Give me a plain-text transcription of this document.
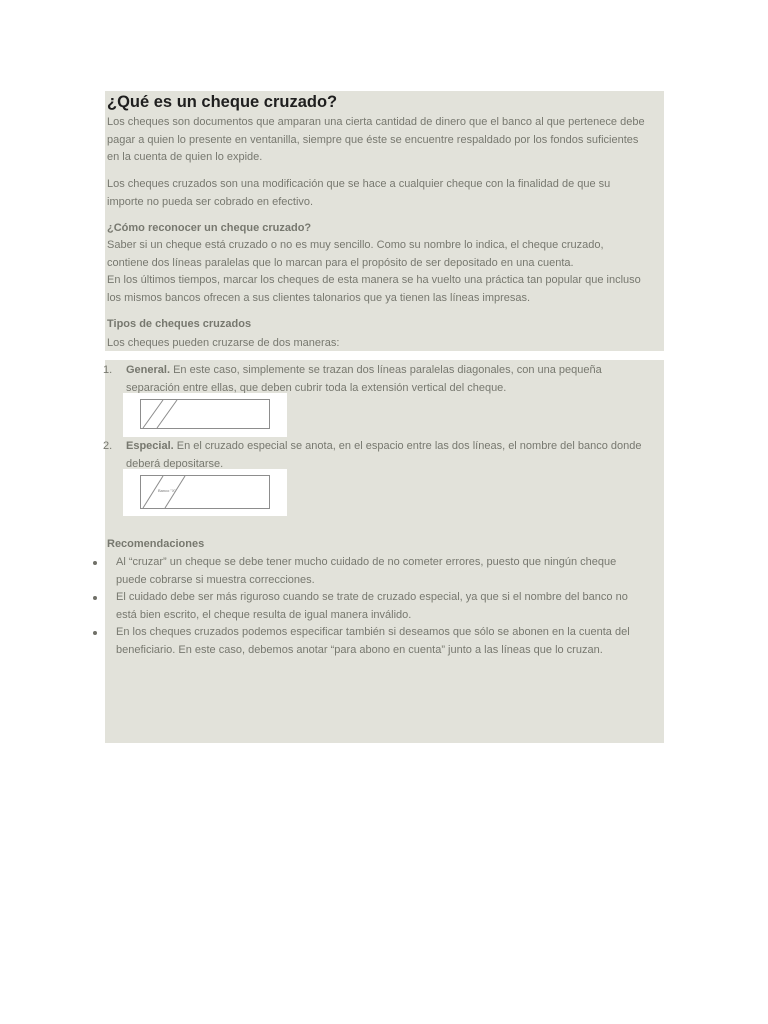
¿Qué es un cheque cruzado?
Los cheques son documentos que amparan una cierta cantidad de dinero que el banco al que pertenece debe
pagar a quien lo presente en ventanilla, siempre que éste se encuentre respaldado por los fondos suficientes
en la cuenta de quien lo expide.
Los cheques cruzados son una modificación que se hace a cualquier cheque con la finalidad de que su
importe no pueda ser cobrado en efectivo.
¿Cómo reconocer un cheque cruzado?
Saber si un cheque está cruzado o no es muy sencillo. Como su nombre lo indica, el cheque cruzado,
contiene dos líneas paralelas que lo marcan para el propósito de ser depositado en una cuenta.
En los últimos tiempos, marcar los cheques de esta manera se ha vuelto una práctica tan popular que incluso
los mismos bancos ofrecen a sus clientes talonarios que ya tienen las líneas impresas.
Tipos de cheques cruzados
Los cheques pueden cruzarse de dos maneras:
1. General. En este caso, simplemente se trazan dos líneas paralelas diagonales, con una pequeña
separación entre ellas, que deben cubrir toda la extensión vertical del cheque.
2. Especial. En el cruzado especial se anota, en el espacio entre las dos líneas, el nombre del banco donde
deberá depositarse.
Banco "X"
Recomendaciones
Al “cruzar” un cheque se debe tener mucho cuidado de no cometer errores, puesto que ningún cheque
puede cobrarse si muestra correcciones.
El cuidado debe ser más riguroso cuando se trate de cruzado especial, ya que si el nombre del banco no
está bien escrito, el cheque resulta de igual manera inválido.
En los cheques cruzados podemos especificar también si deseamos que sólo se abonen en la cuenta del
beneficiario. En este caso, debemos anotar “para abono en cuenta” junto a las líneas que lo cruzan.
